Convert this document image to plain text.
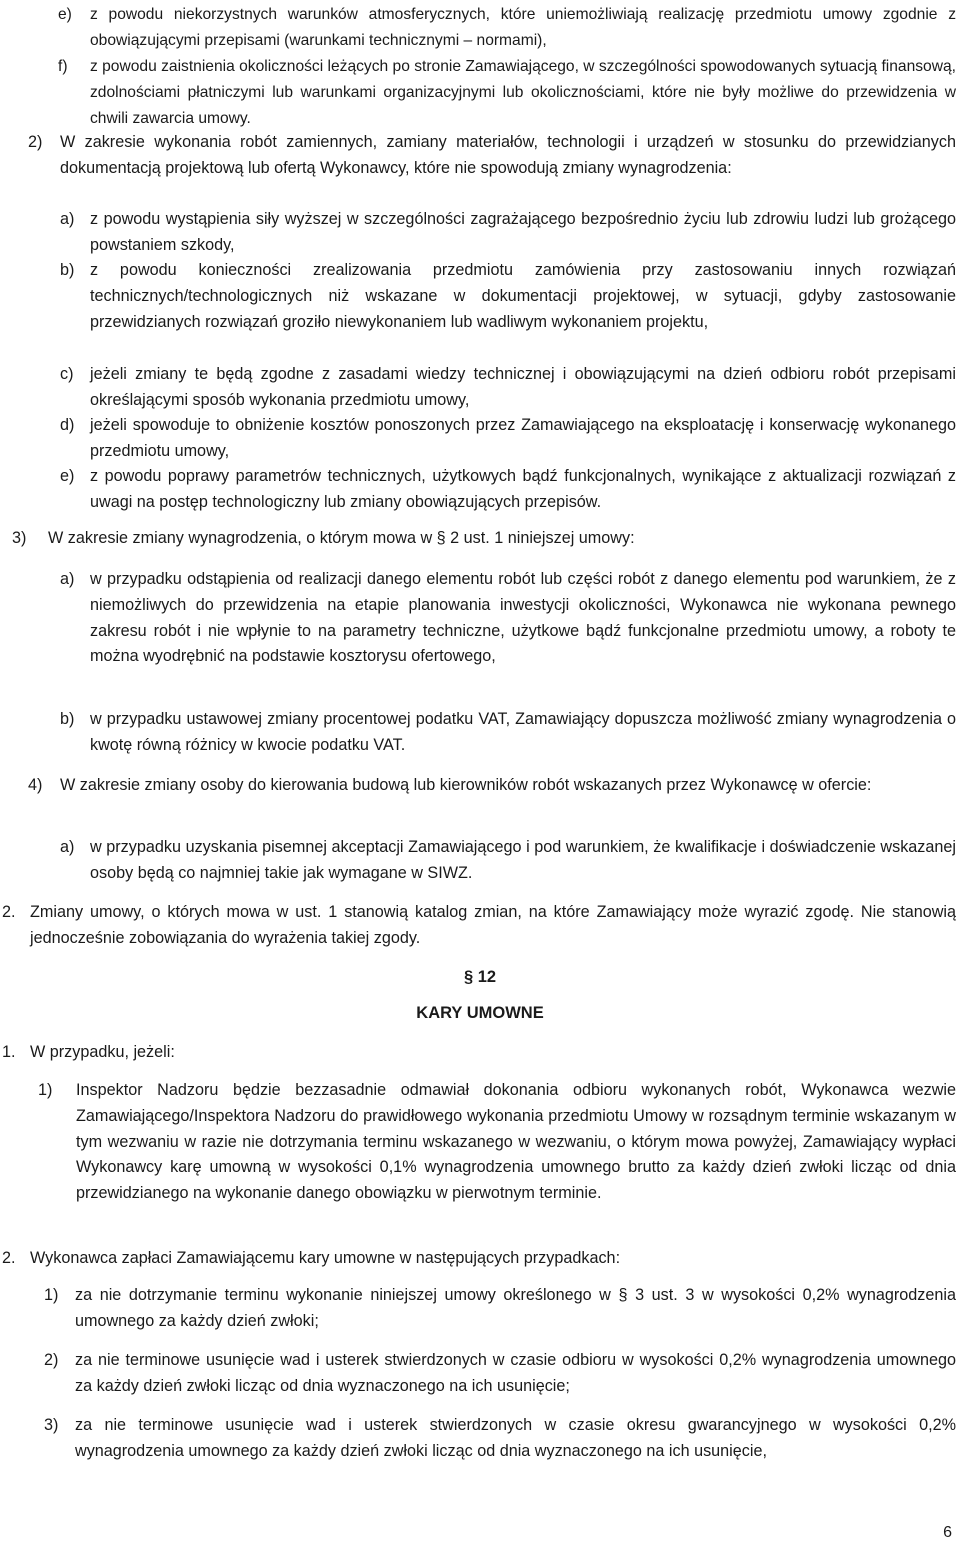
e) z powodu niekorzystnych warunków atmosferycznych, które uniemożliwiają realizację przedmiotu umowy zgodnie z obowiązującymi przepisami (warunkami technicznymi – normami),
f) z powodu zaistnienia okoliczności leżących po stronie Zamawiającego, w szczególności spowodowanych sytuacją finansową, zdolnościami płatniczymi lub warunkami organizacyjnymi lub okolicznościami, które nie były możliwe do przewidzenia w chwili zawarcia umowy.
2) W zakresie wykonania robót zamiennych, zamiany materiałów, technologii i urządzeń w stosunku do przewidzianych dokumentacją projektową lub ofertą Wykonawcy, które nie spowodują zmiany wynagrodzenia:
a) z powodu wystąpienia siły wyższej w szczególności zagrażającego bezpośrednio życiu lub zdrowiu ludzi lub grożącego powstaniem szkody,
b) z powodu konieczności zrealizowania przedmiotu zamówienia przy zastosowaniu innych rozwiązań technicznych/technologicznych niż wskazane w dokumentacji projektowej, w sytuacji, gdyby zastosowanie przewidzianych rozwiązań groziło niewykonaniem lub wadliwym wykonaniem projektu,
c) jeżeli zmiany te będą zgodne z zasadami wiedzy technicznej i obowiązującymi na dzień odbioru robót przepisami określającymi sposób wykonania przedmiotu umowy,
d) jeżeli spowoduje to obniżenie kosztów ponoszonych przez Zamawiającego na eksploatację i konserwację wykonanego przedmiotu umowy,
e) z powodu poprawy parametrów technicznych, użytkowych bądź funkcjonalnych, wynikające z aktualizacji rozwiązań z uwagi na postęp technologiczny lub zmiany obowiązujących przepisów.
3) W zakresie zmiany wynagrodzenia, o którym mowa w § 2 ust. 1 niniejszej umowy:
a) w przypadku odstąpienia od realizacji danego elementu robót lub części robót z danego elementu pod warunkiem, że z niemożliwych do przewidzenia na etapie planowania inwestycji okoliczności, Wykonawca nie wykonana pewnego zakresu robót i nie wpłynie to na parametry techniczne, użytkowe bądź funkcjonalne przedmiotu umowy, a roboty te można wyodrębnić na podstawie kosztorysu ofertowego,
b) w przypadku ustawowej zmiany procentowej podatku VAT, Zamawiający dopuszcza możliwość zmiany wynagrodzenia o kwotę równą różnicy w kwocie podatku VAT.
4) W zakresie zmiany osoby do kierowania budową lub kierowników robót wskazanych przez Wykonawcę w ofercie:
a) w przypadku uzyskania pisemnej akceptacji Zamawiającego i pod warunkiem, że kwalifikacje i doświadczenie wskazanej osoby będą co najmniej takie jak wymagane w SIWZ.
2. Zmiany umowy, o których mowa w ust. 1 stanowią katalog zmian, na które Zamawiający może wyrazić zgodę. Nie stanowią jednocześnie zobowiązania do wyrażenia takiej zgody.
§ 12
KARY UMOWNE
1. W przypadku, jeżeli:
1) Inspektor Nadzoru będzie bezzasadnie odmawiał dokonania odbioru wykonanych robót, Wykonawca wezwie Zamawiającego/Inspektora Nadzoru do prawidłowego wykonania przedmiotu Umowy w rozsądnym terminie wskazanym w tym wezwaniu w razie nie dotrzymania terminu wskazanego w wezwaniu, o którym mowa powyżej, Zamawiający wypłaci Wykonawcy karę umowną w wysokości 0,1% wynagrodzenia umownego brutto za każdy dzień zwłoki licząc od dnia przewidzianego na wykonanie danego obowiązku w pierwotnym terminie.
2. Wykonawca zapłaci Zamawiającemu kary umowne w następujących przypadkach:
1) za nie dotrzymanie terminu wykonanie niniejszej umowy określonego w § 3 ust. 3 w wysokości 0,2% wynagrodzenia umownego za każdy dzień zwłoki;
2) za nie terminowe usunięcie wad i usterek stwierdzonych w czasie odbioru w wysokości 0,2% wynagrodzenia umownego za każdy dzień zwłoki licząc od dnia wyznaczonego na ich usunięcie;
3) za nie terminowe usunięcie wad i usterek stwierdzonych w czasie okresu gwarancyjnego w wysokości 0,2% wynagrodzenia umownego za każdy dzień zwłoki licząc od dnia wyznaczonego na ich usunięcie,
6
